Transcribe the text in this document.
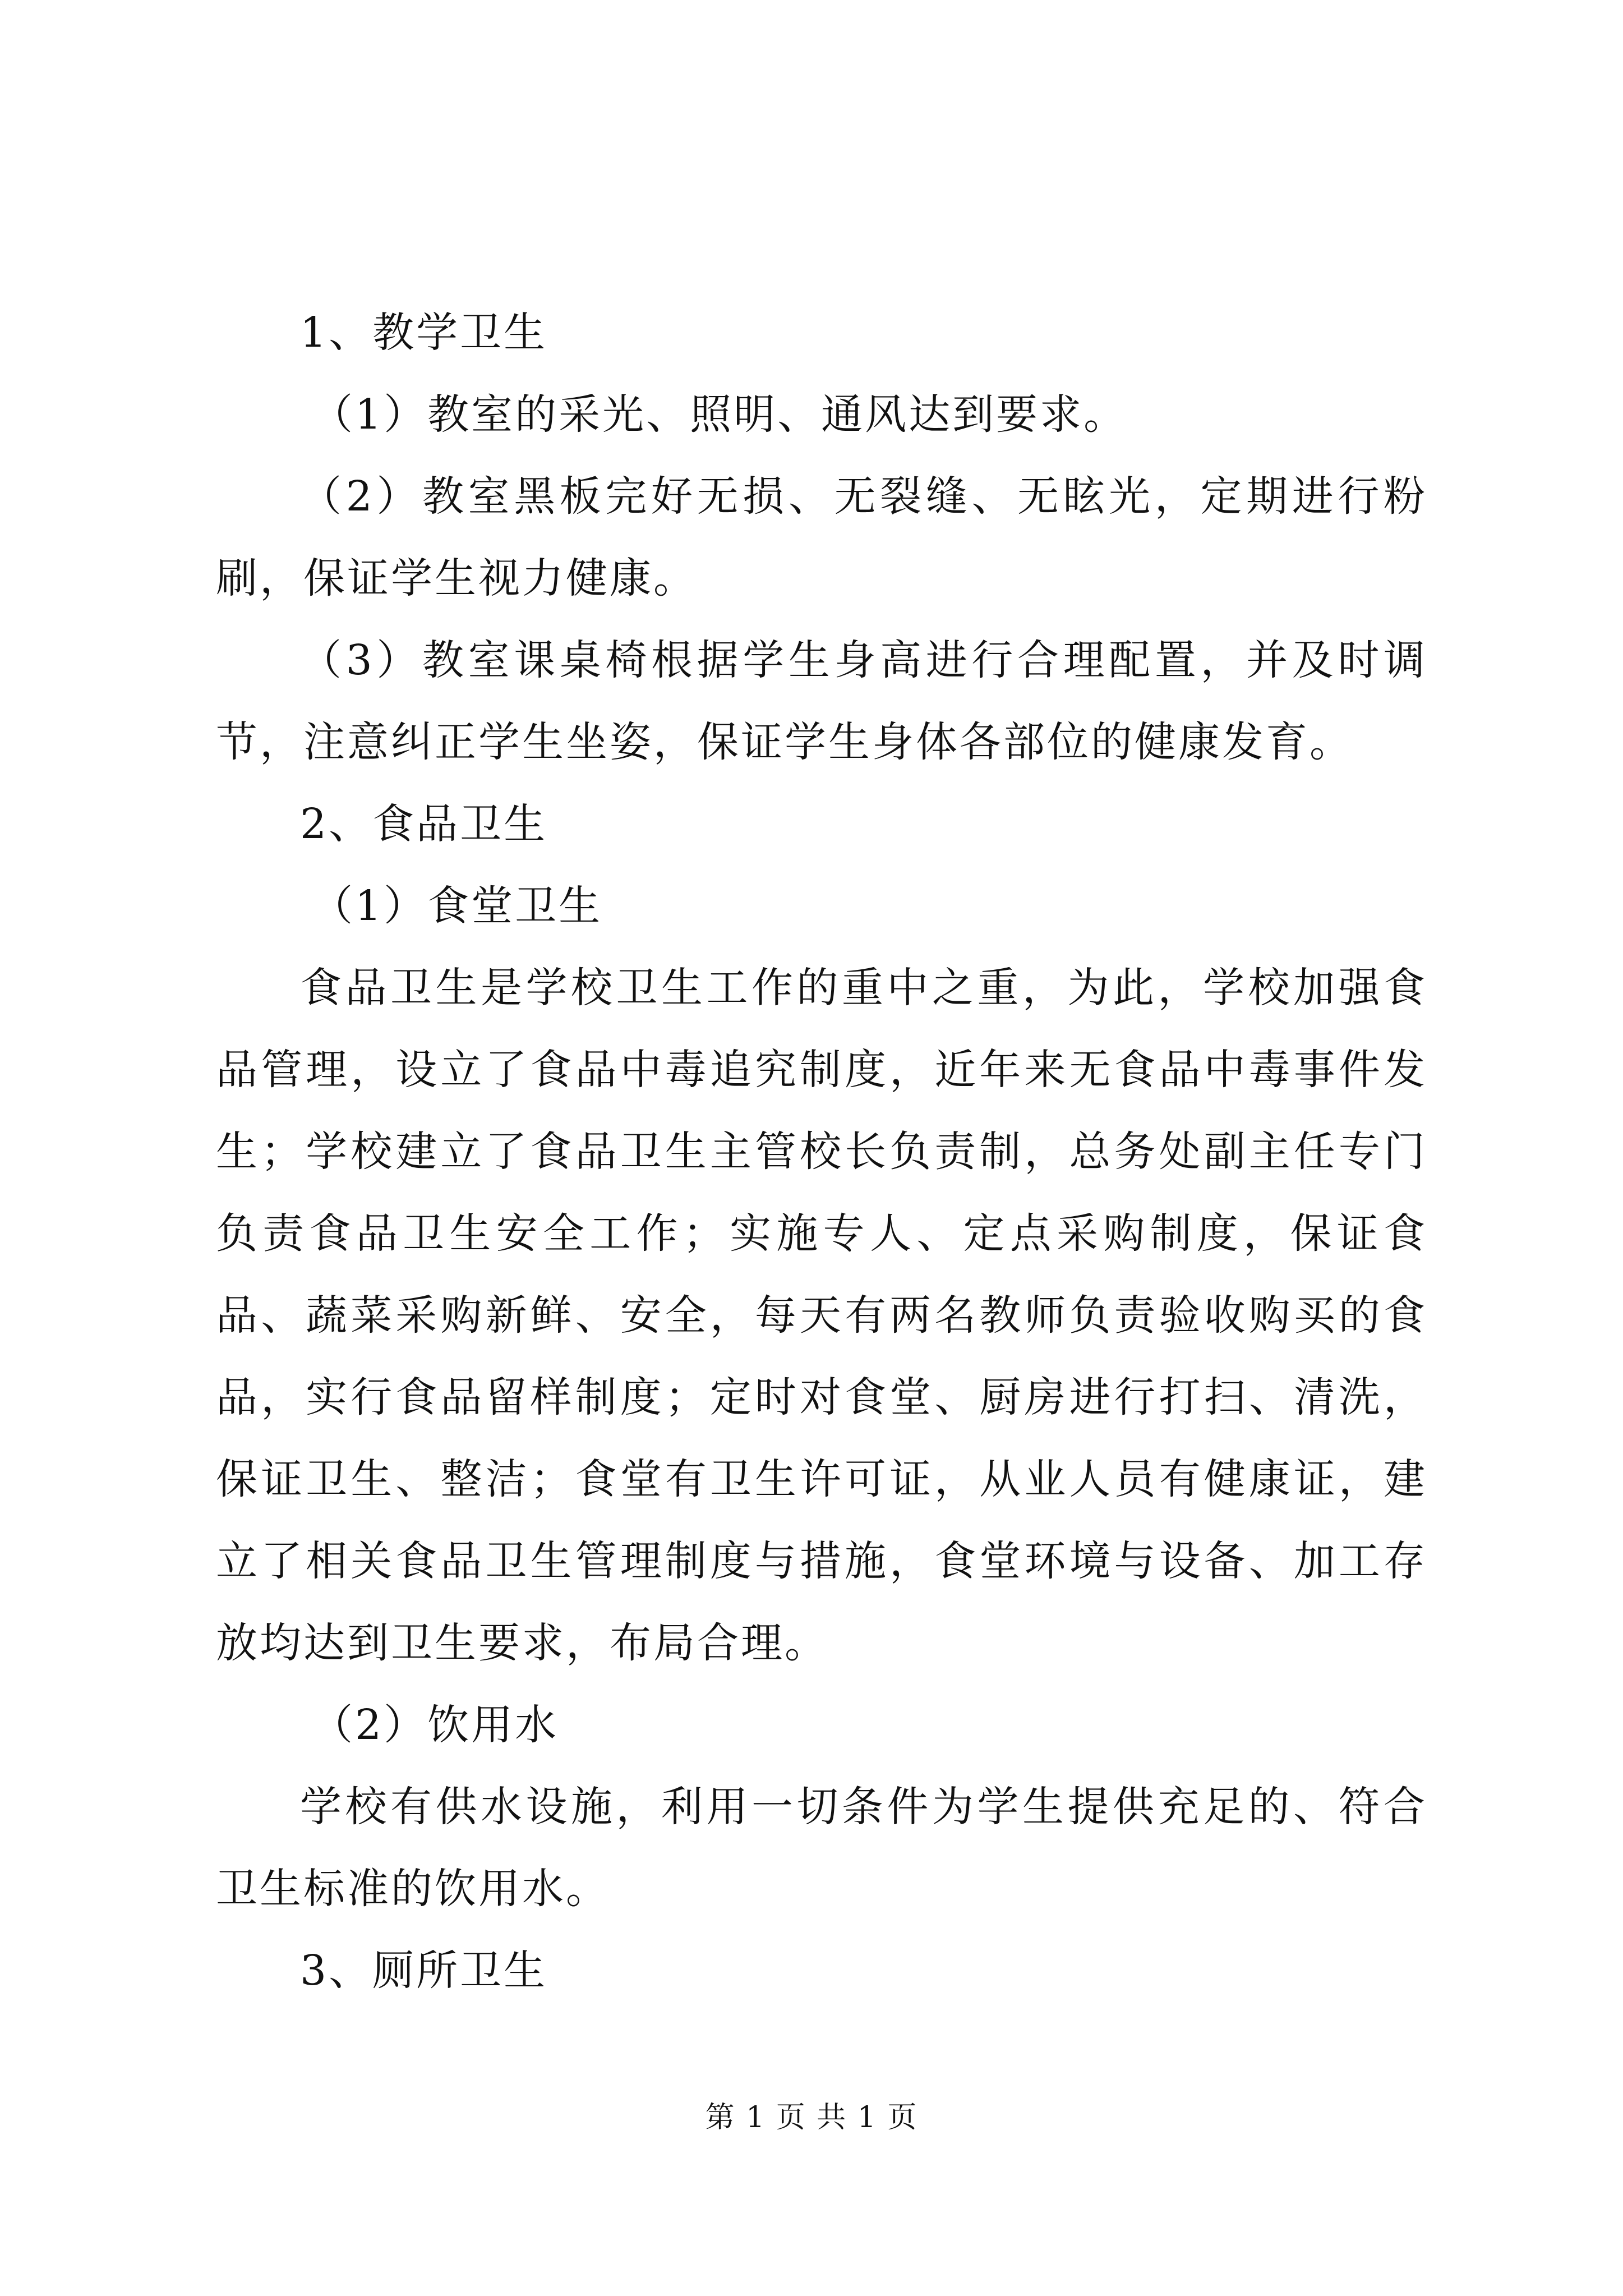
1、教学卫生

（1）教室的采光、照明、通风达到要求。

（2）教室黑板完好无损、无裂缝、无眩光，定期进行粉刷，保证学生视力健康。

（3）教室课桌椅根据学生身高进行合理配置，并及时调节，注意纠正学生坐姿，保证学生身体各部位的健康发育。

2、食品卫生

（1）食堂卫生

食品卫生是学校卫生工作的重中之重，为此，学校加强食品管理，设立了食品中毒追究制度，近年来无食品中毒事件发生；学校建立了食品卫生主管校长负责制，总务处副主任专门负责食品卫生安全工作；实施专人、定点采购制度，保证食品、蔬菜采购新鲜、安全，每天有两名教师负责验收购买的食品，实行食品留样制度；定时对食堂、厨房进行打扫、清洗，保证卫生、整洁；食堂有卫生许可证，从业人员有健康证，建立了相关食品卫生管理制度与措施，食堂环境与设备、加工存放均达到卫生要求，布局合理。

（2）饮用水

学校有供水设施，利用一切条件为学生提供充足的、符合卫生标准的饮用水。

3、厕所卫生

第 1 页 共 1 页
